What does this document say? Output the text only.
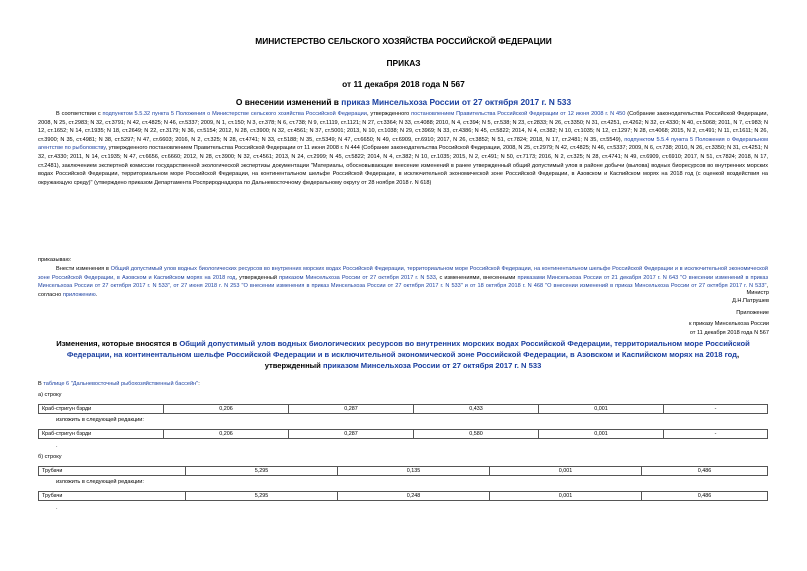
МИНИСТЕРСТВО СЕЛЬСКОГО ХОЗЯЙСТВА РОССИЙСКОЙ ФЕДЕРАЦИИ
ПРИКАЗ
от 11 декабря 2018 года N 567
О внесении изменений в приказ Минсельхоза России от 27 октября 2017 г. N 533
В соответствии с подпунктом 5.5.32 пункта 5 Положения о Министерстве сельского хозяйства Российской Федерации, утвержденного постановлением Правительства Российской Федерации от 12 июня 2008 г. N 450 (Собрание законодательства Российской Федерации, 2008, N 25, ст.2983; N 32, ст.3791; N 42, ст.4825; N 46, ст.5337; 2009, N 1, ст.150; N 3, ст.378; N 6, ст.738; N 9, ст.1119, ст.1121; N 27, ст.3364; N 33, ст.4088; 2010, N 4, ст.394; N 5, ст.538; N 23, ст.2833; N 26, ст.3350; N 31, ст.4251, ст.4262; N 32, ст.4330; N 40, ст.5068; 2011, N 7, ст.983; N 12, ст.1652; N 14, ст.1935; N 18, ст.2649; N 22, ст.3179; N 36, ст.5154; 2012, N 28, ст.3900; N 32, ст.4561; N 37, ст.5001; 2013, N 10, ст.1038; N 29, ст.3969; N 33, ст.4386; N 45, ст.5822; 2014, N 4, ст.382; N 10, ст.1035; N 12, ст.1297; N 28, ст.4068; 2015, N 2, ст.491; N 11, ст.1611; N 26, ст.3900; N 35, ст.4981; N 38, ст.5297; N 47, ст.6603; 2016, N 2, ст.325; N 28, ст.4741; N 33, ст.5188; N 35, ст.5349; N 47, ст.6650; N 49, ст.6909, ст.6910; 2017, N 26, ст.3852; N 51, ст.7824; 2018, N 17, ст.2481; N 35, ст.5549), подпунктом 5.5.4 пункта 5 Положения о Федеральном агентстве по рыболовству, утвержденного постановлением Правительства Российской Федерации от 11 июня 2008 г. N 444 (Собрание законодательства Российской Федерации, 2008, N 25, ст.2979; N 42, ст.4825; N 46, ст.5337; 2009, N 6, ст.738; 2010, N 26, ст.3350; N 31, ст.4251; N 32, ст.4330; 2011, N 14, ст.1935; N 47, ст.6656, ст.6660; 2012, N 28, ст.3900; N 32, ст.4561; 2013, N 24, ст.2999; N 45, ст.5822; 2014, N 4, ст.382; N 10, ст.1035; 2015, N 2, ст.491; N 50, ст.7173; 2016, N 2, ст.325; N 28, ст.4741; N 49, ст.6909, ст.6910; 2017, N 51, ст.7824; 2018, N 17, ст.2481), заключением экспертной комиссии государственной экологической экспертизы документации "Материалы, обосновывающие внесение изменений в ранее утвержденный общий допустимый улов в районе добычи (вылова) водных биоресурсов во внутренних морских водах Российской Федерации, территориальном море Российской Федерации, на континентальном шельфе Российской Федерации, в исключительной экономической зоне Российской Федерации, в Азовском и Каспийском морях на 2018 год (с оценкой воздействия на окружающую среду)" (утверждено приказом Департамента Росприроднадзора по Дальневосточному федеральному округу от 28 ноября 2018 г. N 618)
приказываю:
Внести изменения в Общий допустимый улов водных биологических ресурсов во внутренних морских водах Российской Федерации, территориальном море Российской Федерации, на континентальном шельфе Российской Федерации и в исключительной экономической зоне Российской Федерации, в Азовском и Каспийском морях на 2018 год, утвержденный приказом Минсельхоза России от 27 октября 2017 г. N 533, с изменениями, внесенными приказами Минсельхоза России от 21 декабря 2017 г. N 643 "О внесении изменений в приказ Минсельхоза России от 27 октября 2017 г. N 533", от 27 июня 2018 г. N 253 "О внесении изменения в приказ Минсельхоза России от 27 октября 2017 г. N 533" и от 18 октября 2018 г. N 468 "О внесении изменений в приказ Минсельхоза России от 27 октября 2017 г. N 533", согласно приложению.	Министр
Д.Н.Патрушев
Приложение
к приказу Минсельхоза России
от 11 декабря 2018 года N 567
Изменения, которые вносятся в Общий допустимый улов водных биологических ресурсов во внутренних морских водах Российской Федерации, территориальном море Российской Федерации, на континентальном шельфе Российской Федерации и в исключительной экономической зоне Российской Федерации, в Азовском и Каспийском морях на 2018 год, утвержденный приказом Минсельхоза России от 27 октября 2017 г. N 533
В таблице 6 "Дальневосточный рыбохозяйственный бассейн":
а) строку
Краб-стригун бэрди	0,206	0,287	0,433	0,001	-
изложить в следующей редакции:
Краб-стригун бэрди	0,206	0,287	0,580	0,001	-
.
б) строку
Трубачи	5,295	0,135	0,001	0,486
изложить в следующей редакции:
Трубачи	5,295	0,248	0,001	0,486
.
